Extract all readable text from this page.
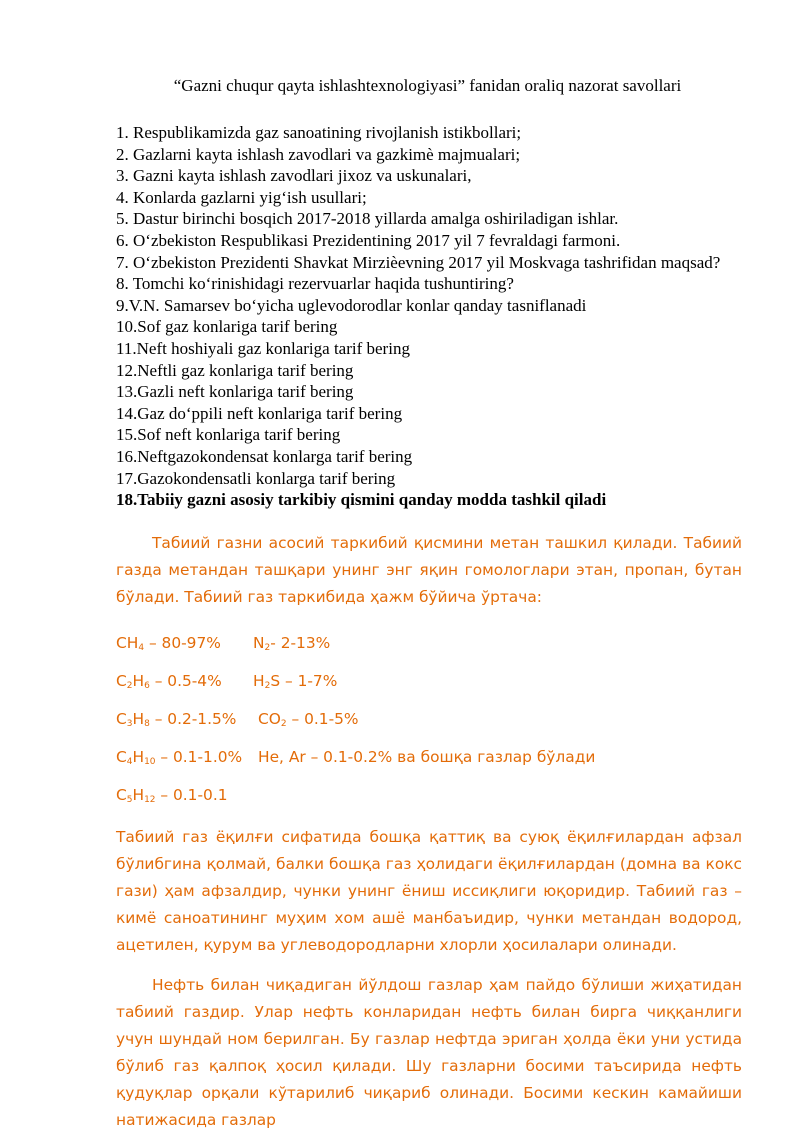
“Gazni chuqur qayta ishlashtexnologiyasi” fanidan oraliq nazorat savollari

1. Respublikamizda gaz sanoatining rivojlanish istikbollari;

2. Gazlarni kayta ishlash zavodlari va gazkimè majmualari;

3. Gazni kayta ishlash zavodlari jixoz va uskunalari,

4. Konlarda gazlarni yig‘ish usullari;

5. Dastur birinchi bosqich 2017-2018 yillarda amalga oshiriladigan ishlar.

6. O‘zbekiston Respublikasi Prezidentining 2017 yil 7 fevraldagi farmoni.

7. O‘zbekiston Prezidenti Shavkat Mirzièevning 2017 yil Moskvaga tashrifidan maqsad?

8. Tomchi ko‘rinishidagi rezervuarlar haqida tushuntiring?

9.V.N. Samarsev bo‘yicha uglevodorodlar konlar qanday tasniflanadi

10.Sof gaz konlariga tarif bering

11.Neft hoshiyali gaz konlariga tarif bering

12.Neftli gaz konlariga tarif bering

13.Gazli neft konlariga tarif bering

14.Gaz do‘ppili neft konlariga tarif bering

15.Sof neft konlariga tarif bering

16.Neftgazokondensat konlarga tarif bering

17.Gazokondensatli konlarga tarif bering

18.Tabiiy gazni asosiy tarkibiy qismini qanday modda tashkil qiladi

Табиий газни асосий таркибий қисмини метан ташкил қилади. Табиий газда метандан ташқари унинг энг яқин гомологлари этан, пропан, бутан бўлади. Табиий газ таркибида ҳажм бўйича ўртача:

$CH_4 - 80-97\%$ $N_2-$ 2-13%
$C_2H_6 - 0.5-4\%$ $H_2S - 1-7\%$
$C_3H_8 - 0.2-1.5\%$ $CO_2 - 0.1-5\%$
$C_4H_{10} - 0.1-1.0\%$ He, Ar – 0.1-0.2% ва бошқа газлар бўлади
$C_5H_{12} - 0.1-0.1$

Табиий газ ёқилғи сифатида бошқа қаттиқ ва суюқ ёқилғилардан афзал бўлибгина қолмай, балки бошқа газ ҳолидаги ёқилғилардан (домна ва кокс гази) ҳам афзалдир, чунки унинг ёниш иссиқлиги юқоридир. Табиий газ – кимё саноатининг муҳим хом ашё манбаъидир, чунки метандан водород, ацетилен, қурум ва углеводородларни хлорли ҳосилалари олинади.

Нефть билан чиқадиган йўлдош газлар ҳам пайдо бўлиши жиҳатидан табиий газдир. Улар нефть конларидан нефть билан бирга чиққанлиги учун шундай ном берилган. Бу газлар нефтда эриган ҳолда ёки уни устида бўлиб газ қалпоқ ҳосил қилади. Шу газларни босими таъсирида нефть қудуқлар орқали кўтарилиб чиқариб олинади. Босими кескин камайиши натижасида газлар
